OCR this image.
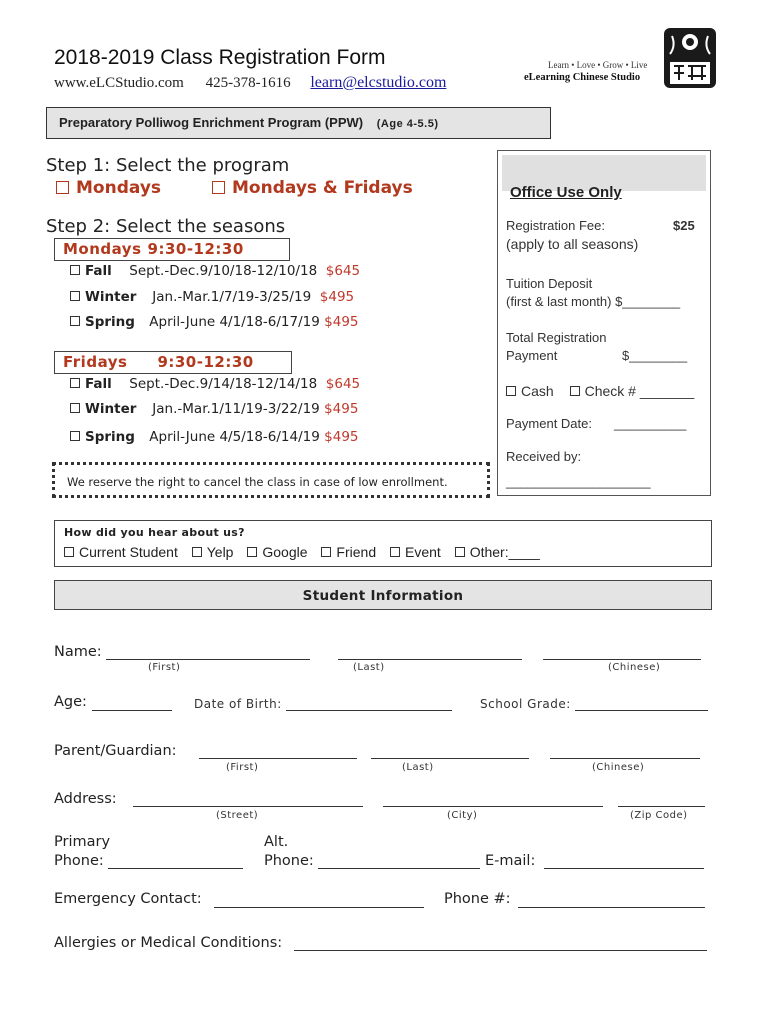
2018-2019 Class Registration Form
www.eLCStudio.com 425-378-1616 learn@elcstudio.com
Learn • Love • Grow • Live
eLearning Chinese Studio
Preparatory Polliwog Enrichment Program (PPW) (Age 4-5.5)
Step 1: Select the program
Mondays	Mondays & Fridays
Step 2: Select the seasons
Mondays 9:30-12:30
Fall Sept.-Dec.9/10/18-12/10/18 $645
Winter Jan.-Mar.1/7/19-3/25/19 $495
Spring April-June 4/1/18-6/17/19 $495
Fridays 9:30-12:30
Fall Sept.-Dec.9/14/18-12/14/18 $645
Winter Jan.-Mar.1/11/19-3/22/19 $495
Spring April-June 4/5/18-6/14/19 $495
Office Use Only
Registration Fee:	$25
(apply to all seasons)
Tuition Deposit
(first & last month) $________
Total Registration
Payment	$________
Cash Check # _______
Payment Date: __________
Received by:
____________________
We reserve the right to cancel the class in case of low enrollment.
How did you hear about us?
Current Student Yelp Google Friend Event Other:____
Student Information
Name:
(First)	(Last)	(Chinese)
Age:	Date of Birth:	School Grade:
Parent/Guardian:
(First)	(Last)	(Chinese)
Address:
(Street)	(City)	(Zip Code)
Primary
Phone:
Alt.
Phone:	E-mail:
Emergency Contact:	Phone #:
Allergies or Medical Conditions:
